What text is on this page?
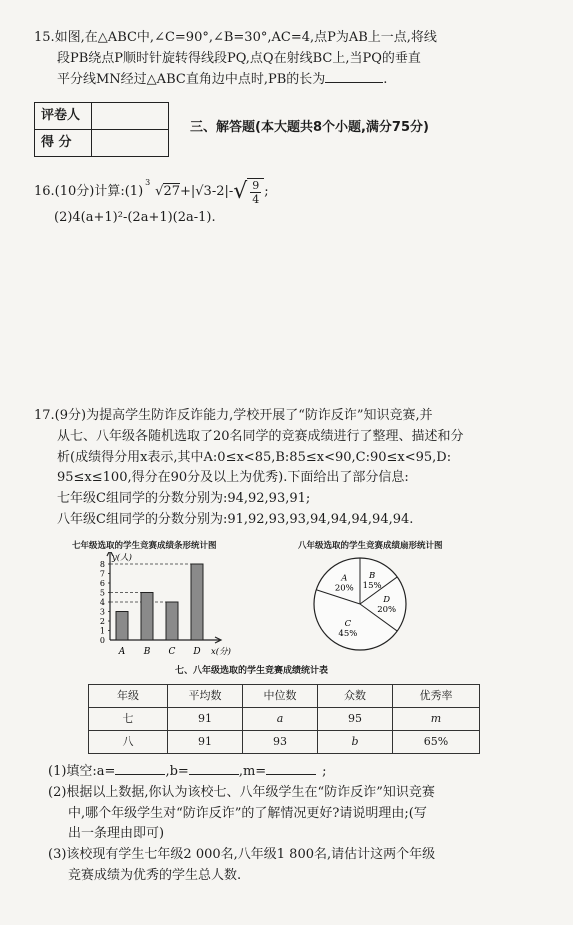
15.如图,在△ABC中,∠C=90°,∠B=30°,AC=4,点P为AB上一点,将线
段PB绕点P顺时针旋转得线段PQ,点Q在射线BC上,当PQ的垂直
平分线MN经过△ABC直角边中点时,PB的长为	.
评卷人	
得 分	
三、解答题(本大题共8个小题,满分75分)
16.(10分)计算:(1)
3
√27 +|√3-2|- √ 9
4
;
(2)4(a+1)²-(2a+1)(2a-1).
17.(9分)为提高学生防诈反诈能力,学校开展了“防诈反诈”知识竞赛,并
从七、八年级各随机选取了20名同学的竞赛成绩进行了整理、描述和分
析(成绩得分用x表示,其中A:0≤x<85,B:85≤x<90,C:90≤x<95,D:
95≤x≤100,得分在90分及以上为优秀).下面给出了部分信息:
七年级C组同学的分数分别为:94,92,93,91;
八年级C组同学的分数分别为:91,92,93,93,94,94,94,94,94.
七年级选取的学生竞赛成绩条形统计图	八年级选取的学生竞赛成绩扇形统计图
0
1
2
3
4
5
6
7
8
y(人)
x(分)
A B C D
A
20%
B
15%
C
45%
D
20%
七、八年级选取的学生竞赛成绩统计表
年级	平均数	中位数	众数	优秀率
七	91	a	95	m
八	91	93	b	65%
(1)填空:a=	,b=	,m=	;
(2)根据以上数据,你认为该校七、八年级学生在“防诈反诈”知识竞赛
中,哪个年级学生对“防诈反诈”的了解情况更好?请说明理由;(写
出一条理由即可)
(3)该校现有学生七年级2 000名,八年级1 800名,请估计这两个年级
竞赛成绩为优秀的学生总人数.
